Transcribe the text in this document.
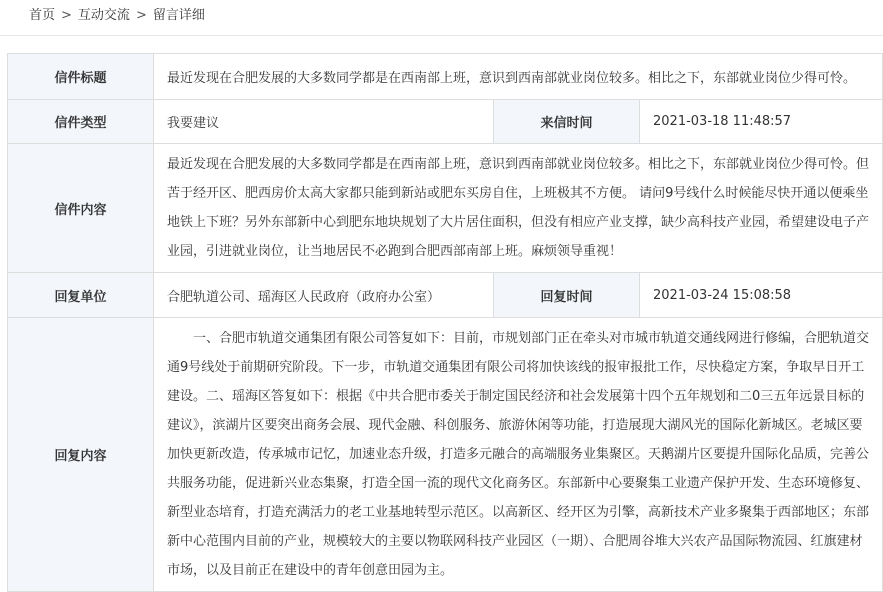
首页 > 互动交流 > 留言详细
信件标题	最近发现在合肥发展的大多数同学都是在西南部上班，意识到西南部就业岗位较多。相比之下，东部就业岗位少得可怜。		
信件类型	我要建议	来信时间	2021-03-18 11:48:57
信件内容	最近发现在合肥发展的大多数同学都是在西南部上班，意识到西南部就业岗位较多。相比之下，东部就业岗位少得可怜。但苦于经开区、肥西房价太高大家都只能到新站或肥东买房自住，上班极其不方便。 请问9号线什么时候能尽快开通以便乘坐地铁上下班？另外东部新中心到肥东地块规划了大片居住面积，但没有相应产业支撑，缺少高科技产业园，希望建设电子产业园，引进就业岗位，让当地居民不必跑到合肥西部南部上班。麻烦领导重视！		
回复单位	合肥轨道公司、瑶海区人民政府（政府办公室）	回复时间	2021-03-24 15:08:58
回复内容	一、合肥市轨道交通集团有限公司答复如下：目前，市规划部门正在牵头对市城市轨道交通线网进行修编，合肥轨道交通9号线处于前期研究阶段。下一步，市轨道交通集团有限公司将加快该线的报审报批工作，尽快稳定方案，争取早日开工建设。二、瑶海区答复如下：根据《中共合肥市委关于制定国民经济和社会发展第十四个五年规划和二0三五年远景目标的建议》，滨湖片区要突出商务会展、现代金融、科创服务、旅游休闲等功能，打造展现大湖风光的国际化新城区。老城区要加快更新改造，传承城市记忆，加速业态升级，打造多元融合的高端服务业集聚区。天鹅湖片区要提升国际化品质，完善公共服务功能，促进新兴业态集聚，打造全国一流的现代文化商务区。东部新中心要聚集工业遗产保护开发、生态环境修复、新型业态培育，打造充满活力的老工业基地转型示范区。以高新区、经开区为引擎，高新技术产业多聚集于西部地区；东部新中心范围内目前的产业，规模较大的主要以物联网科技产业园区（一期）、合肥周谷堆大兴农产品国际物流园、红旗建材市场，以及目前正在建设中的青年创意田园为主。		
